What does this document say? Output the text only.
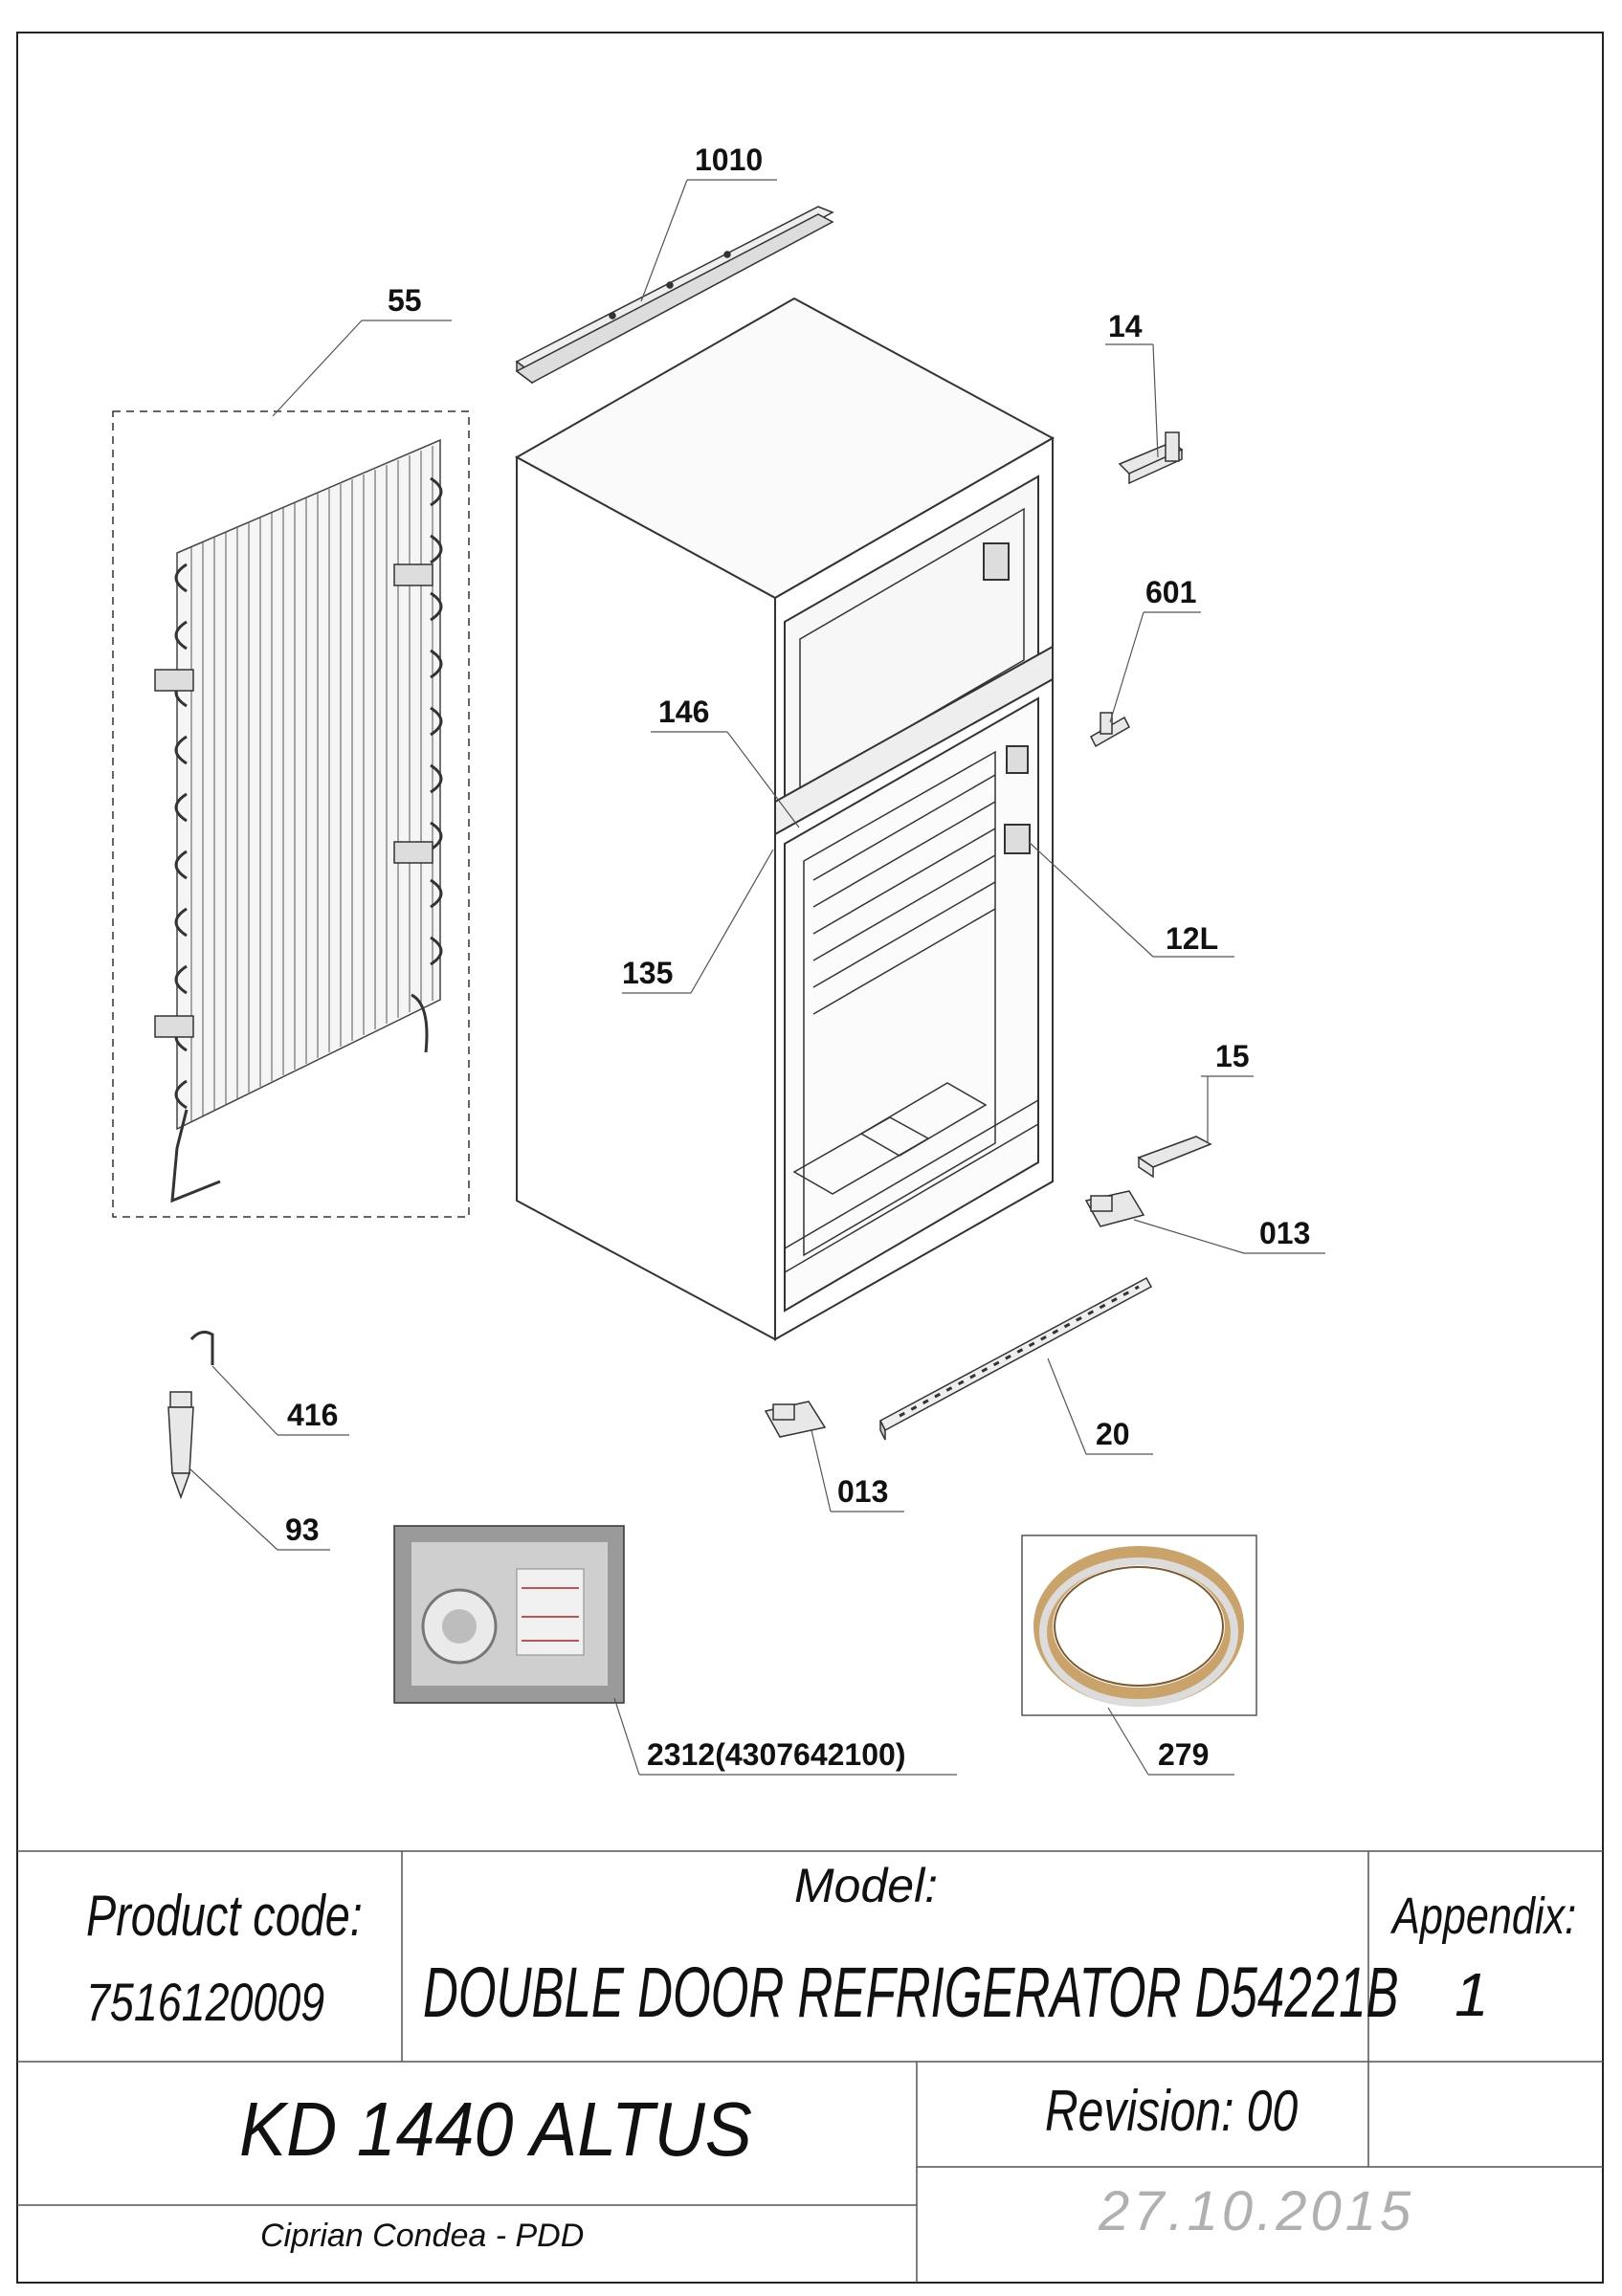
1010
55
14
601
146
12L
135
15
013
416
20
93
013
2312(4307642100)	279
Product code:
7516120009
Model:
DOUBLE DOOR REFRIGERATOR D54221B
Appendix:
1
KD 1440 ALTUS	Revision: 00
Ciprian Condea - PDD	27.10.2015
